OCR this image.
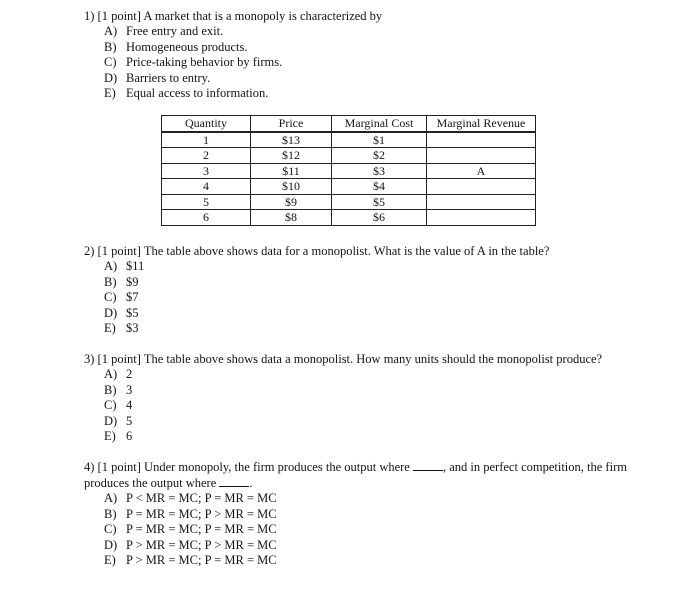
1) [1 point] A market that is a monopoly is characterized by
A) Free entry and exit.
B) Homogeneous products.
C) Price-taking behavior by firms.
D) Barriers to entry.
E) Equal access to information.
Quantity	Price	Marginal Cost	Marginal Revenue
1	$13	$1	
2	$12	$2	
3	$11	$3	A
4	$10	$4	
5	$9	$5	
6	$8	$6	
2) [1 point] The table above shows data for a monopolist. What is the value of A in the table?
A) $11
B) $9
C) $7
D) $5
E) $3
3) [1 point] The table above shows data a monopolist. How many units should the monopolist produce?
A) 2
B) 3
C) 4
D) 5
E) 6
4) [1 point] Under monopoly, the firm produces the output where	, and in perfect competition, the firm produces the output where	.
A) P < MR = MC; P = MR = MC
B) P = MR = MC; P > MR = MC
C) P = MR = MC; P = MR = MC
D) P > MR = MC; P > MR = MC
E) P > MR = MC; P = MR = MC
